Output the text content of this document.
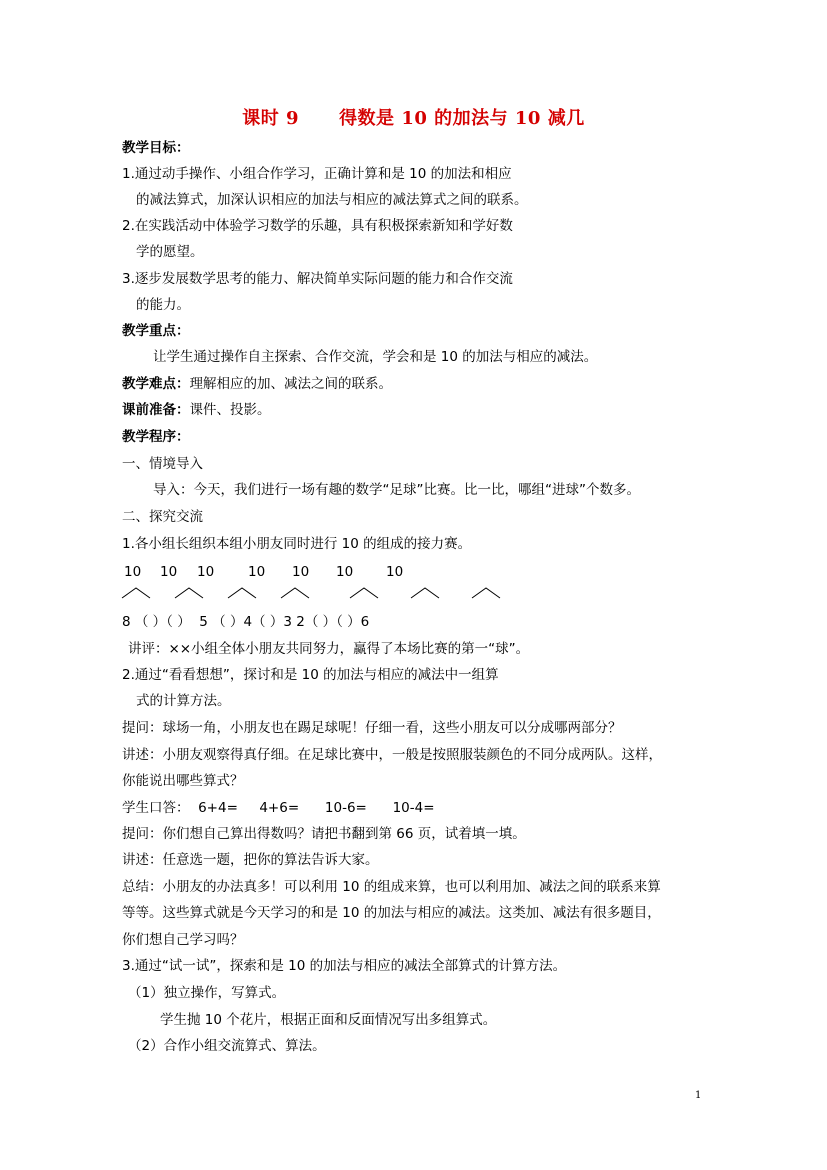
课时 9 得数是 10 的加法与 10 减几
教学目标：
1.通过动手操作、小组合作学习，正确计算和是 10 的加法和相应
的减法算式，加深认识相应的加法与相应的减法算式之间的联系。
2.在实践活动中体验学习数学的乐趣，具有积极探索新知和学好数
学的愿望。
3.逐步发展数学思考的能力、解决简单实际问题的能力和合作交流
的能力。
教学重点：
让学生通过操作自主探索、合作交流，学会和是 10 的加法与相应的减法。
教学难点：理解相应的加、减法之间的联系。
课前准备：课件、投影。
教学程序：
一、情境导入
导入：今天，我们进行一场有趣的数学“足球”比赛。比一比，哪组“进球”个数多。
二、探究交流
1.各小组长组织本组小朋友同时进行 10 的组成的接力赛。
10 10 10	10 10 10 10
8 （ ）（ ）  5 （ ）4（ ）3 2（ ）（ ）6
讲评：××小组全体小朋友共同努力，赢得了本场比赛的第一“球”。
2.通过“看看想想”，探讨和是 10 的加法与相应的减法中一组算
式的计算方法。
提问：球场一角，小朋友也在踢足球呢！仔细一看，这些小朋友可以分成哪两部分？
讲述：小朋友观察得真仔细。在足球比赛中，一般是按照服装颜色的不同分成两队。这样，
你能说出哪些算式？
学生口答：  6+4=     4+6=      10-6=      10-4=
提问：你们想自己算出得数吗？请把书翻到第 66 页，试着填一填。
讲述：任意选一题，把你的算法告诉大家。
总结：小朋友的办法真多！可以利用 10 的组成来算，也可以利用加、减法之间的联系来算
等等。这些算式就是今天学习的和是 10 的加法与相应的减法。这类加、减法有很多题目，
你们想自己学习吗？
3.通过“试一试”，探索和是 10 的加法与相应的减法全部算式的计算方法。
（1）独立操作，写算式。
学生抛 10 个花片，根据正面和反面情况写出多组算式。
（2）合作小组交流算式、算法。
1
